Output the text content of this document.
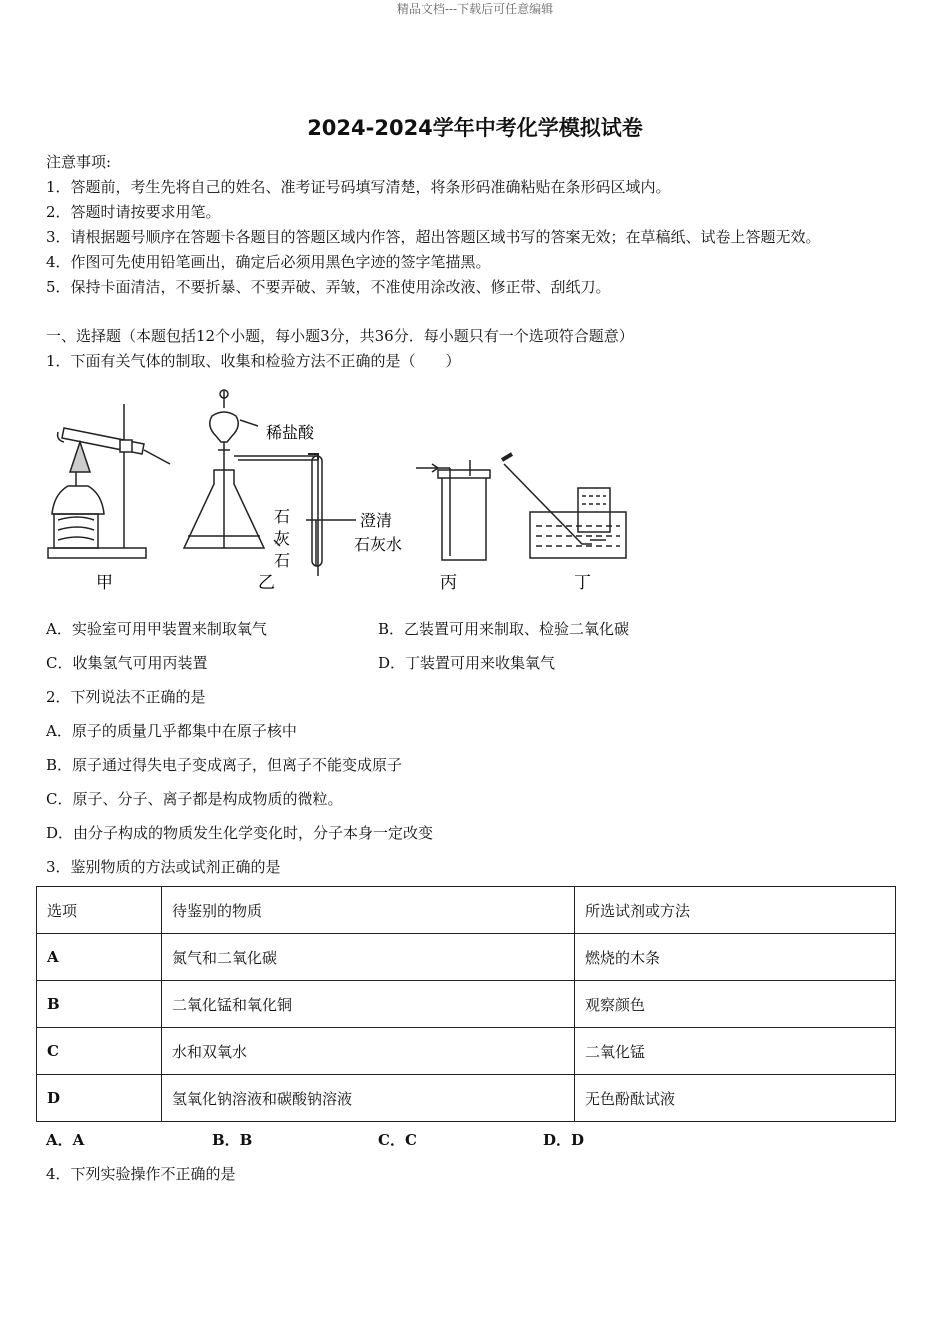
精品文档---下载后可任意编辑
2024-2024学年中考化学模拟试卷
注意事项:
1．答题前，考生先将自己的姓名、准考证号码填写清楚，将条形码准确粘贴在条形码区域内。
2．答题时请按要求用笔。
3．请根据题号顺序在答题卡各题目的答题区域内作答，超出答题区域书写的答案无效；在草稿纸、试卷上答题无效。
4．作图可先使用铅笔画出，确定后必须用黑色字迹的签字笔描黑。
5．保持卡面清洁，不要折暴、不要弄破、弄皱，不准使用涂改液、修正带、刮纸刀。
一、选择题（本题包括12个小题，每小题3分，共36分．每小题只有一个选项符合题意）
1．下面有关气体的制取、收集和检验方法不正确的是（　　）
稀盐酸
石
灰
石
澄清
石灰水
甲	乙	丙	丁
A．实验室可用甲装置来制取氧气	B．乙装置可用来制取、检验二氧化碳
C．收集氢气可用丙装置	D．丁装置可用来收集氧气
2．下列说法不正确的是
A．原子的质量几乎都集中在原子核中
B．原子通过得失电子变成离子，但离子不能变成原子
C．原子、分子、离子都是构成物质的微粒。
D．由分子构成的物质发生化学变化时，分子本身一定改变
3．鉴别物质的方法或试剂正确的是
选项	待鉴别的物质	所选试剂或方法
A	氮气和二氧化碳	燃烧的木条
B	二氧化锰和氧化铜	观察颜色
C	水和双氧水	二氧化锰
D	氢氧化钠溶液和碳酸钠溶液	无色酚酞试液
A．A	B．B	C．C	D．D
4．下列实验操作不正确的是
